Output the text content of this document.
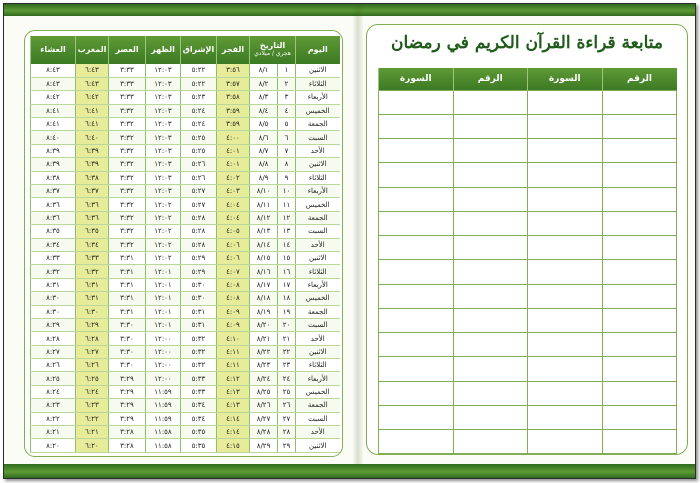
اليوم	التاريخ
هجري / ميلادي		الفجر	الإشراق	الظهر	العصر	المغرب	العشاء
الاثنين	١	٨/١	٣:٥٦	٥:٢٢	١٢:٠٣	٣:٣٣	٦:٤٣	٨:٤٣
الثلاثاء	٢	٨/٢	٣:٥٧	٥:٢٢	١٢:٠٣	٣:٣٣	٦:٤٣	٨:٤٣
الأربعاء	٣	٨/٣	٣:٥٨	٥:٢٣	١٢:٠٣	٣:٣٣	٦:٤٢	٨:٤٢
الخميس	٤	٨/٤	٣:٥٩	٥:٢٤	١٢:٠٣	٣:٣٢	٦:٤١	٨:٤١
الجمعة	٥	٨/٥	٣:٥٩	٥:٢٤	١٢:٠٣	٣:٣٢	٦:٤١	٨:٤١
السبت	٦	٨/٦	٤:٠٠	٥:٢٥	١٢:٠٣	٣:٣٢	٦:٤٠	٨:٤٠
الأحد	٧	٨/٧	٤:٠١	٥:٢٥	١٢:٠٣	٣:٣٢	٦:٣٩	٨:٣٩
الاثنين	٨	٨/٨	٤:٠١	٥:٢٦	١٢:٠٣	٣:٣٢	٦:٣٩	٨:٣٩
الثلاثاء	٩	٨/٩	٤:٠٢	٥:٢٦	١٢:٠٣	٣:٣٢	٦:٣٨	٨:٣٨
الأربعاء	١٠	٨/١٠	٤:٠٣	٥:٢٧	١٢:٠٣	٣:٣٢	٦:٣٧	٨:٣٧
الخميس	١١	٨/١١	٤:٠٤	٥:٢٧	١٢:٠٢	٣:٣٢	٦:٣٦	٨:٣٦
الجمعة	١٢	٨/١٢	٤:٠٤	٥:٢٨	١٢:٠٢	٣:٣٢	٦:٣٦	٨:٣٦
السبت	١٣	٨/١٣	٤:٠٥	٥:٢٨	١٢:٠٢	٣:٣٢	٦:٣٥	٨:٣٥
الأحد	١٤	٨/١٤	٤:٠٦	٥:٢٨	١٢:٠٢	٣:٣٢	٦:٣٤	٨:٣٤
الاثنين	١٥	٨/١٥	٤:٠٦	٥:٢٩	١٢:٠٢	٣:٣١	٦:٣٣	٨:٣٣
الثلاثاء	١٦	٨/١٦	٤:٠٧	٥:٢٩	١٢:٠١	٣:٣١	٦:٣٢	٨:٣٢
الأربعاء	١٧	٨/١٧	٤:٠٨	٥:٣٠	١٢:٠١	٣:٣١	٦:٣١	٨:٣١
الخميس	١٨	٨/١٨	٤:٠٨	٥:٣٠	١٢:٠١	٣:٣١	٦:٣١	٨:٣٠
الجمعة	١٩	٨/١٩	٤:٠٩	٥:٣١	١٢:٠١	٣:٣١	٦:٣٠	٨:٣٠
السبت	٢٠	٨/٢٠	٤:٠٩	٥:٣١	١٢:٠١	٣:٣٠	٦:٢٩	٨:٢٩
الأحد	٢١	٨/٢١	٤:١٠	٥:٣٢	١٢:٠٠	٣:٣٠	٦:٢٨	٨:٢٨
الاثنين	٢٢	٨/٢٢	٤:١١	٥:٣٢	١٢:٠٠	٣:٣٠	٦:٢٧	٨:٢٧
الثلاثاء	٢٣	٨/٢٣	٤:١١	٥:٣٢	١٢:٠٠	٣:٣٠	٦:٢٦	٨:٢٦
الأربعاء	٢٤	٨/٢٤	٤:١٢	٥:٣٣	١٢:٠٠	٣:٢٩	٦:٢٥	٨:٢٥
الخميس	٢٥	٨/٢٥	٤:١٣	٥:٣٣	١١:٥٩	٣:٢٩	٦:٢٤	٨:٢٤
الجمعة	٢٦	٨/٢٦	٤:١٣	٥:٣٤	١١:٥٩	٣:٢٩	٦:٢٣	٨:٢٣
السبت	٢٧	٨/٢٧	٤:١٤	٥:٣٤	١١:٥٩	٣:٢٩	٦:٢٢	٨:٢٢
الأحد	٢٨	٨/٢٨	٤:١٤	٥:٣٥	١١:٥٨	٣:٢٨	٦:٢١	٨:٢١
الاثنين	٢٩	٨/٢٩	٤:١٥	٥:٣٥	١١:٥٨	٣:٢٨	٦:٢٠	٨:٢٠
متابعة قراءة القرآن الكريم في رمضان
الرقم	السورة	الرقم	السورة
